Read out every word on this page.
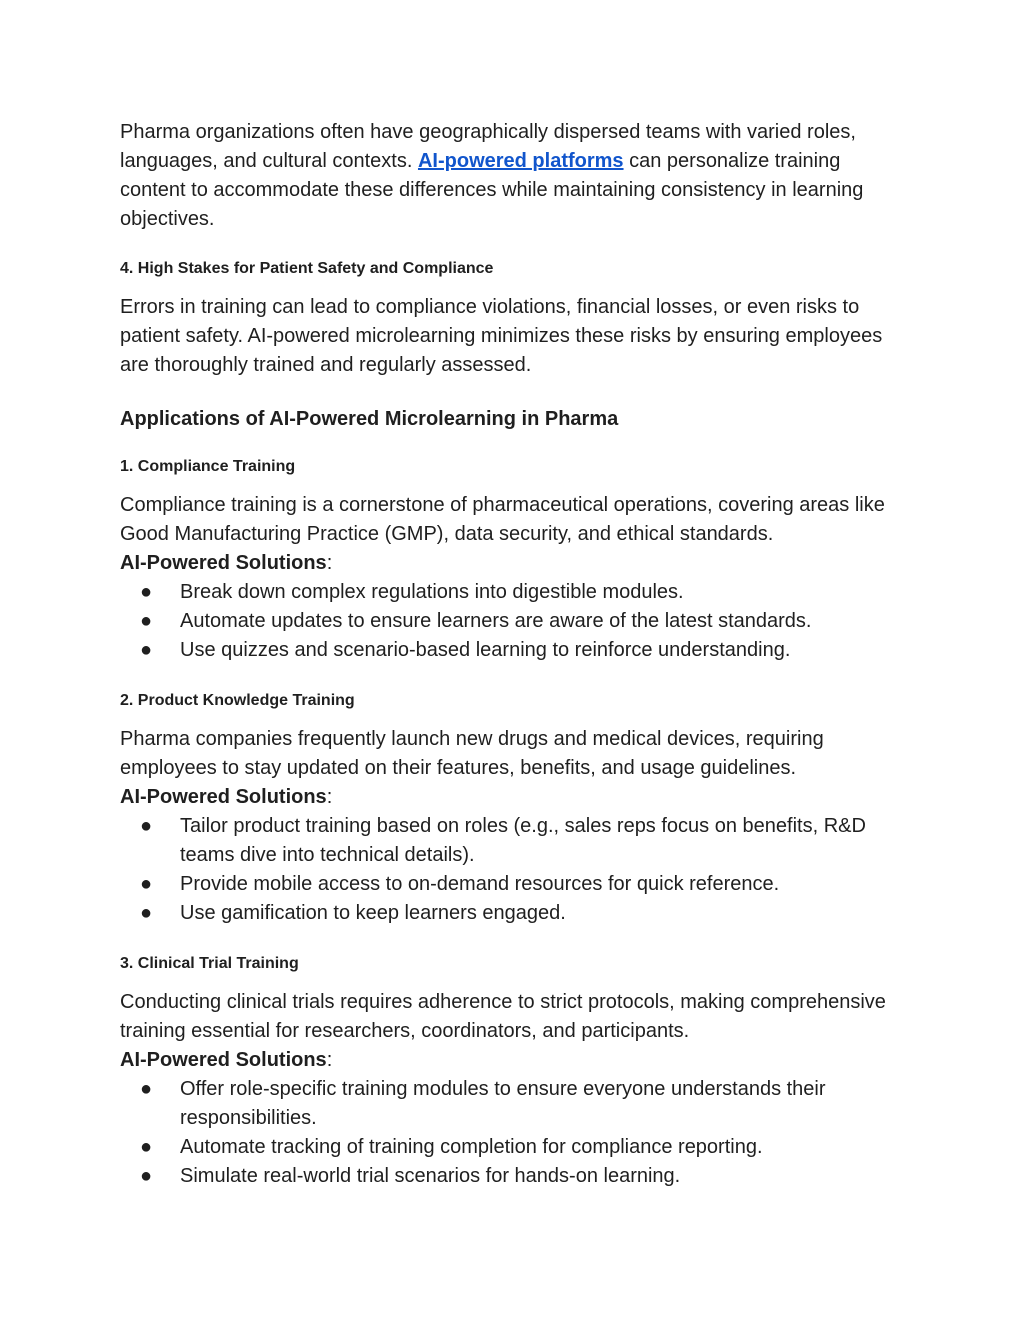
Pharma organizations often have geographically dispersed teams with varied roles, languages, and cultural contexts. AI-powered platforms can personalize training content to accommodate these differences while maintaining consistency in learning objectives.

4. High Stakes for Patient Safety and Compliance

Errors in training can lead to compliance violations, financial losses, or even risks to patient safety. AI-powered microlearning minimizes these risks by ensuring employees are thoroughly trained and regularly assessed.

Applications of AI-Powered Microlearning in Pharma
1. Compliance Training

Compliance training is a cornerstone of pharmaceutical operations, covering areas like Good Manufacturing Practice (GMP), data security, and ethical standards.

AI-Powered Solutions:

● Break down complex regulations into digestible modules.
● Automate updates to ensure learners are aware of the latest standards.
● Use quizzes and scenario-based learning to reinforce understanding.
2. Product Knowledge Training

Pharma companies frequently launch new drugs and medical devices, requiring employees to stay updated on their features, benefits, and usage guidelines.

AI-Powered Solutions:

● Tailor product training based on roles (e.g., sales reps focus on benefits, R&D teams dive into technical details).
● Provide mobile access to on-demand resources for quick reference.
● Use gamification to keep learners engaged.
3. Clinical Trial Training

Conducting clinical trials requires adherence to strict protocols, making comprehensive training essential for researchers, coordinators, and participants.

AI-Powered Solutions:

● Offer role-specific training modules to ensure everyone understands their responsibilities.
● Automate tracking of training completion for compliance reporting.
● Simulate real-world trial scenarios for hands-on learning.
